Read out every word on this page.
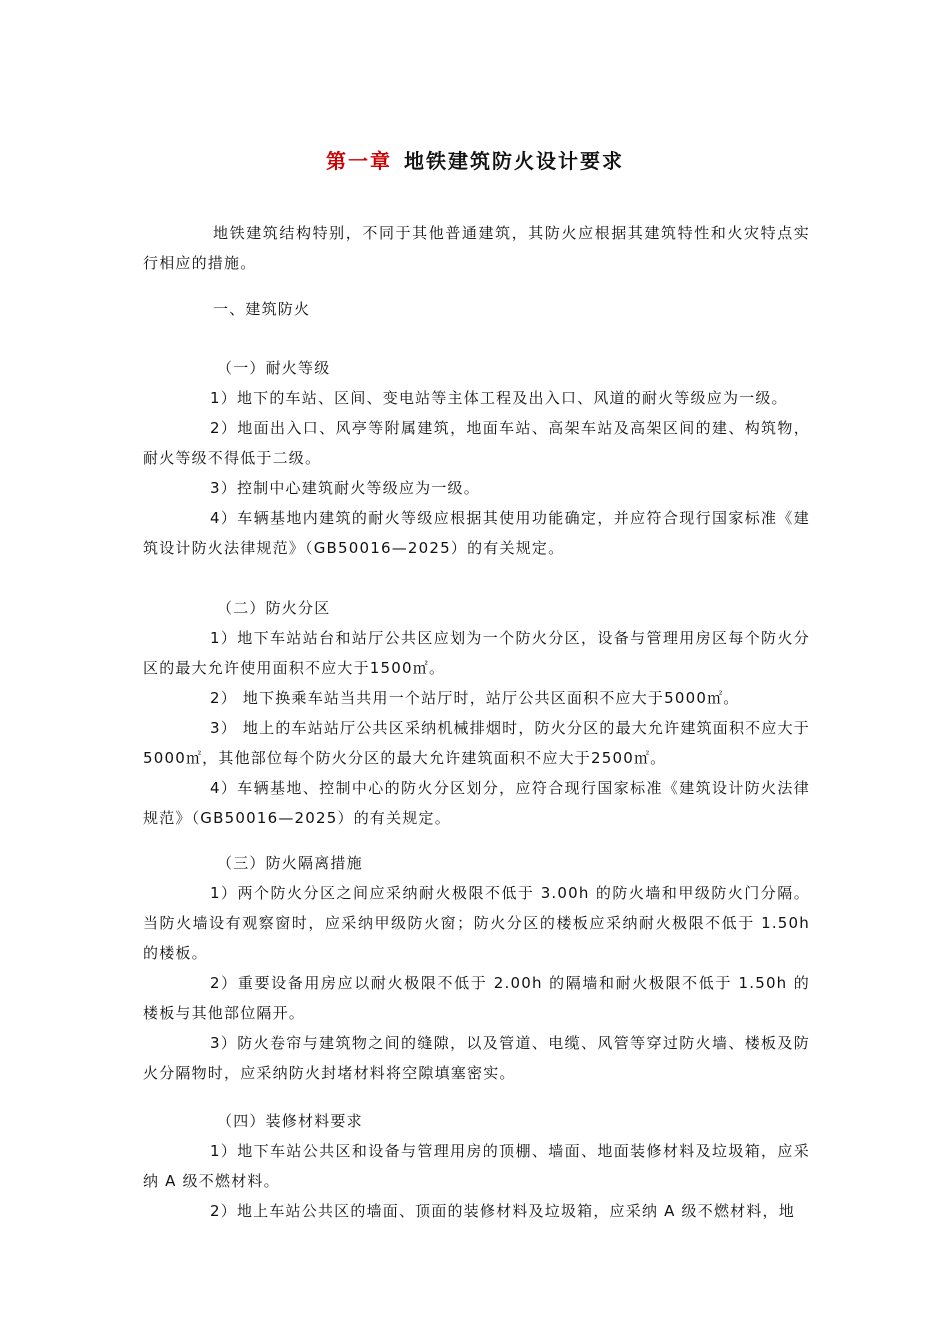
第一章 地铁建筑防火设计要求

地铁建筑结构特别，不同于其他普通建筑，其防火应根据其建筑特性和火灾特点实行相应的措施。

一、建筑防火

（一）耐火等级

1）地下的车站、区间、变电站等主体工程及出入口、风道的耐火等级应为一级。

2）地面出入口、风亭等附属建筑，地面车站、高架车站及高架区间的建、构筑物，耐火等级不得低于二级。

3）控制中心建筑耐火等级应为一级。

4）车辆基地内建筑的耐火等级应根据其使用功能确定，并应符合现行国家标准《建筑设计防火法律规范》（GB50016—2025）的有关规定。

（二）防火分区

1）地下车站站台和站厅公共区应划为一个防火分区，设备与管理用房区每个防火分区的最大允许使用面积不应大于1500㎡。

2） 地下换乘车站当共用一个站厅时，站厅公共区面积不应大于5000㎡。

3） 地上的车站站厅公共区采纳机械排烟时，防火分区的最大允许建筑面积不应大于5000㎡，其他部位每个防火分区的最大允许建筑面积不应大于2500㎡。

4）车辆基地、控制中心的防火分区划分，应符合现行国家标准《建筑设计防火法律规范》（GB50016—2025）的有关规定。

（三）防火隔离措施

1）两个防火分区之间应采纳耐火极限不低于 3.00h 的防火墙和甲级防火门分隔。当防火墙设有观察窗时，应采纳甲级防火窗；防火分区的楼板应采纳耐火极限不低于 1.50h 的楼板。

2）重要设备用房应以耐火极限不低于 2.00h 的隔墙和耐火极限不低于 1.50h 的楼板与其他部位隔开。

3）防火卷帘与建筑物之间的缝隙，以及管道、电缆、风管等穿过防火墙、楼板及防火分隔物时，应采纳防火封堵材料将空隙填塞密实。

（四）装修材料要求

1）地下车站公共区和设备与管理用房的顶棚、墙面、地面装修材料及垃圾箱，应采纳 A 级不燃材料。

2）地上车站公共区的墙面、顶面的装修材料及垃圾箱，应采纳 A 级不燃材料，地
